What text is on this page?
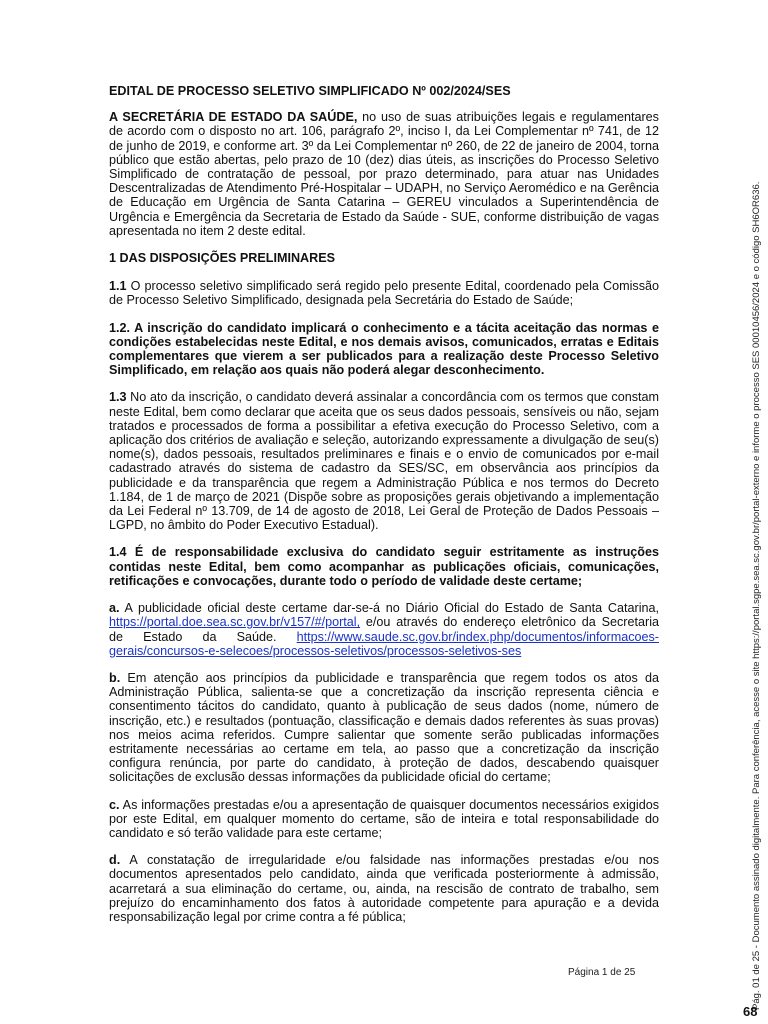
EDITAL DE PROCESSO SELETIVO SIMPLIFICADO Nº 002/2024/SES
A SECRETÁRIA DE ESTADO DA SAÚDE, no uso de suas atribuições legais e regulamentares de acordo com o disposto no art. 106, parágrafo 2º, inciso I, da Lei Complementar nº 741, de 12 de junho de 2019, e conforme art. 3º da Lei Complementar nº 260, de 22 de janeiro de 2004, torna público que estão abertas, pelo prazo de 10 (dez) dias úteis, as inscrições do Processo Seletivo Simplificado de contratação de pessoal, por prazo determinado, para atuar nas Unidades Descentralizadas de Atendimento Pré-Hospitalar – UDAPH, no Serviço Aeromédico e na Gerência de Educação em Urgência de Santa Catarina – GEREU vinculados a Superintendência de Urgência e Emergência da Secretaria de Estado da Saúde - SUE, conforme distribuição de vagas apresentada no item 2 deste edital.
1 DAS DISPOSIÇÕES PRELIMINARES
1.1 O processo seletivo simplificado será regido pelo presente Edital, coordenado pela Comissão de Processo Seletivo Simplificado, designada pela Secretária do Estado de Saúde;
1.2. A inscrição do candidato implicará o conhecimento e a tácita aceitação das normas e condições estabelecidas neste Edital, e nos demais avisos, comunicados, erratas e Editais complementares que vierem a ser publicados para a realização deste Processo Seletivo Simplificado, em relação aos quais não poderá alegar desconhecimento.
1.3 No ato da inscrição, o candidato deverá assinalar a concordância com os termos que constam neste Edital, bem como declarar que aceita que os seus dados pessoais, sensíveis ou não, sejam tratados e processados de forma a possibilitar a efetiva execução do Processo Seletivo, com a aplicação dos critérios de avaliação e seleção, autorizando expressamente a divulgação de seu(s) nome(s), dados pessoais, resultados preliminares e finais e o envio de comunicados por e-mail cadastrado através do sistema de cadastro da SES/SC, em observância aos princípios da publicidade e da transparência que regem a Administração Pública e nos termos do Decreto 1.184, de 1 de março de 2021 (Dispõe sobre as proposições gerais objetivando a implementação da Lei Federal nº 13.709, de 14 de agosto de 2018, Lei Geral de Proteção de Dados Pessoais – LGPD, no âmbito do Poder Executivo Estadual).
1.4 É de responsabilidade exclusiva do candidato seguir estritamente as instruções contidas neste Edital, bem como acompanhar as publicações oficiais, comunicações, retificações e convocações, durante todo o período de validade deste certame;
a. A publicidade oficial deste certame dar-se-á no Diário Oficial do Estado de Santa Catarina, https://portal.doe.sea.sc.gov.br/v157/#/portal, e/ou através do endereço eletrônico da Secretaria de Estado da Saúde. https://www.saude.sc.gov.br/index.php/documentos/informacoes-gerais/concursos-e-selecoes/processos-seletivos/processos-seletivos-ses
b. Em atenção aos princípios da publicidade e transparência que regem todos os atos da Administração Pública, salienta-se que a concretização da inscrição representa ciência e consentimento tácitos do candidato, quanto à publicação de seus dados (nome, número de inscrição, etc.) e resultados (pontuação, classificação e demais dados referentes às suas provas) nos meios acima referidos. Cumpre salientar que somente serão publicadas informações estritamente necessárias ao certame em tela, ao passo que a concretização da inscrição configura renúncia, por parte do candidato, à proteção de dados, descabendo quaisquer solicitações de exclusão dessas informações da publicidade oficial do certame;
c. As informações prestadas e/ou a apresentação de quaisquer documentos necessários exigidos por este Edital, em qualquer momento do certame, são de inteira e total responsabilidade do candidato e só terão validade para este certame;
d. A constatação de irregularidade e/ou falsidade nas informações prestadas e/ou nos documentos apresentados pelo candidato, ainda que verificada posteriormente à admissão, acarretará a sua eliminação do certame, ou, ainda, na rescisão de contrato de trabalho, sem prejuízo do encaminhamento dos fatos à autoridade competente para apuração e a devida responsabilização legal por crime contra a fé pública;
Página 1 de 25	Pág. 01 de 25 - Documento assinado digitalmente. Para conferência, acesse o site https://portal.sgpe.sea.sc.gov.br/portal-externo e informe o processo SES 00010456/2024 e o código SH6OR636.
68
